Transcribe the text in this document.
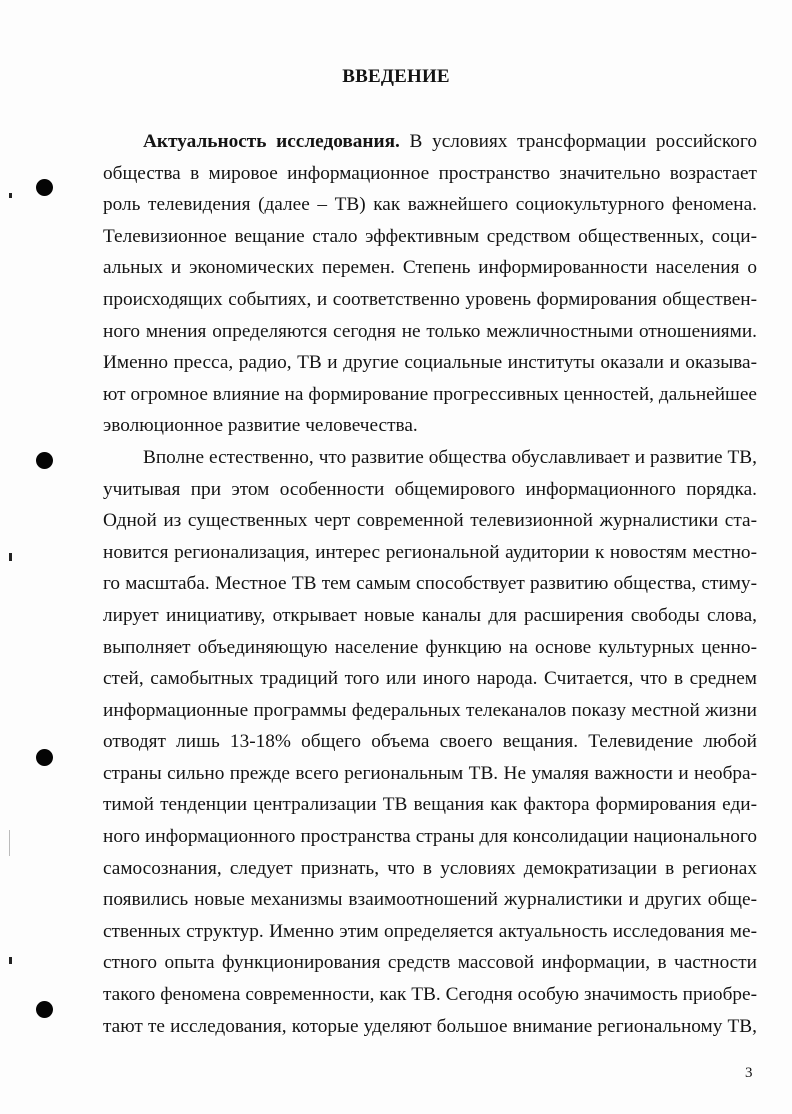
ВВЕДЕНИЕ
Актуальность исследования. В условиях трансформации российского
общества в мировое информационное пространство значительно возрастает
роль телевидения (далее – ТВ) как важнейшего социокультурного феномена.
Телевизионное вещание стало эффективным средством общественных, соци-
альных и экономических перемен. Степень информированности населения о
происходящих событиях, и соответственно уровень формирования обществен-
ного мнения определяются сегодня не только межличностными отношениями.
Именно пресса, радио, ТВ и другие социальные институты оказали и оказыва-
ют огромное влияние на формирование прогрессивных ценностей, дальнейшее
эволюционное развитие человечества.
Вполне естественно, что развитие общества обуславливает и развитие ТВ,
учитывая при этом особенности общемирового информационного порядка.
Одной из существенных черт современной телевизионной журналистики ста-
новится регионализация, интерес региональной аудитории к новостям местно-
го масштаба. Местное ТВ тем самым способствует развитию общества, стиму-
лирует инициативу, открывает новые каналы для расширения свободы слова,
выполняет объединяющую население функцию на основе культурных ценно-
стей, самобытных традиций того или иного народа. Считается, что в среднем
информационные программы федеральных телеканалов показу местной жизни
отводят лишь 13-18% общего объема своего вещания. Телевидение любой
страны сильно прежде всего региональным ТВ. Не умаляя важности и необра-
тимой тенденции централизации ТВ вещания как фактора формирования еди-
ного информационного пространства страны для консолидации национального
самосознания, следует признать, что в условиях демократизации в регионах
появились новые механизмы взаимоотношений журналистики и других обще-
ственных структур. Именно этим определяется актуальность исследования ме-
стного опыта функционирования средств массовой информации, в частности
такого феномена современности, как ТВ. Сегодня особую значимость приобре-
тают те исследования, которые уделяют большое внимание региональному ТВ,
3
